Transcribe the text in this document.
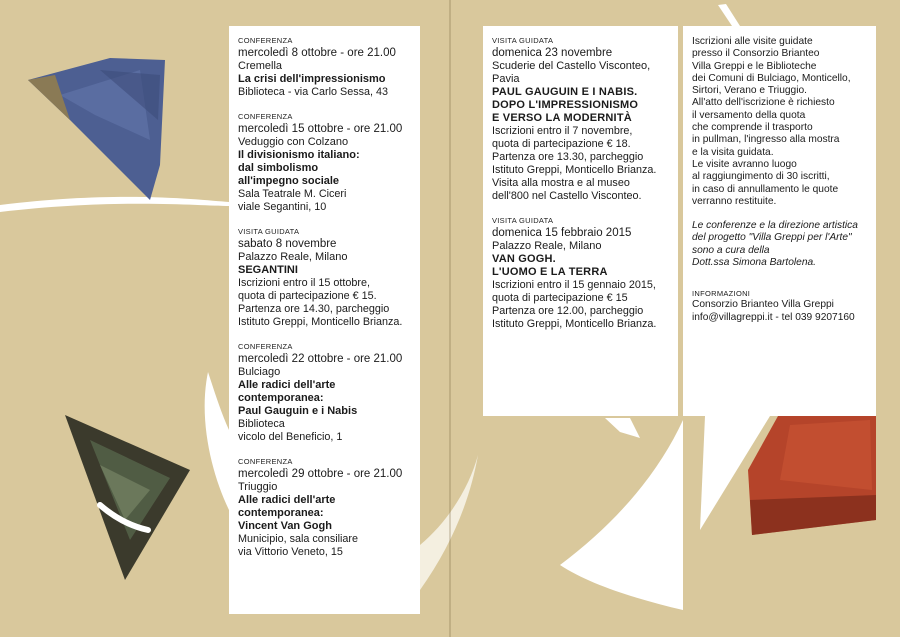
CONFERENZA
mercoledì 8 ottobre - ore 21.00
Cremella
La crisi dell'impressionismo
Biblioteca - via Carlo Sessa, 43
CONFERENZA
mercoledì 15 ottobre - ore 21.00
Veduggio con Colzano
Il divisionismo italiano:
dal simbolismo
all'impegno sociale
Sala Teatrale M. Ciceri
viale Segantini, 10
VISITA GUIDATA
sabato 8 novembre
Palazzo Reale, Milano
SEGANTINI
Iscrizioni entro il 15 ottobre,
quota di partecipazione € 15.
Partenza ore 14.30, parcheggio
Istituto Greppi, Monticello Brianza.
CONFERENZA
mercoledì 22 ottobre - ore 21.00
Bulciago
Alle radici dell'arte
contemporanea:
Paul Gauguin e i Nabis
Biblioteca
vicolo del Beneficio, 1
CONFERENZA
mercoledì 29 ottobre - ore 21.00
Triuggio
Alle radici dell'arte
contemporanea:
Vincent Van Gogh
Municipio, sala consiliare
via Vittorio Veneto, 15
VISITA GUIDATA
domenica 23 novembre
Scuderie del Castello Visconteo,
Pavia
PAUL GAUGUIN E I NABIS.
DOPO L'IMPRESSIONISMO
E VERSO LA MODERNITÀ
Iscrizioni entro il 7 novembre,
quota di partecipazione € 18.
Partenza ore 13.30, parcheggio
Istituto Greppi, Monticello Brianza.
Visita alla mostra e al museo
dell'800 nel Castello Visconteo.
VISITA GUIDATA
domenica 15 febbraio 2015
Palazzo Reale, Milano
VAN GOGH.
L'UOMO E LA TERRA
Iscrizioni entro il 15 gennaio 2015,
quota di partecipazione € 15
Partenza ore 12.00, parcheggio
Istituto Greppi, Monticello Brianza.
Iscrizioni alle visite guidate
presso il Consorzio Brianteo
Villa Greppi e le Biblioteche
dei Comuni di Bulciago, Monticello,
Sirtori, Verano e Triuggio.
All'atto dell'iscrizione è richiesto
il versamento della quota
che comprende il trasporto
in pullman, l'ingresso alla mostra
e la visita guidata.
Le visite avranno luogo
al raggiungimento di 30 iscritti,
in caso di annullamento le quote
verranno restituite.
Le conferenze e la direzione artistica
del progetto "Villa Greppi per l'Arte"
sono a cura della
Dott.ssa Simona Bartolena.
INFORMAZIONI
Consorzio Brianteo Villa Greppi
info@villagreppi.it - tel 039 9207160
